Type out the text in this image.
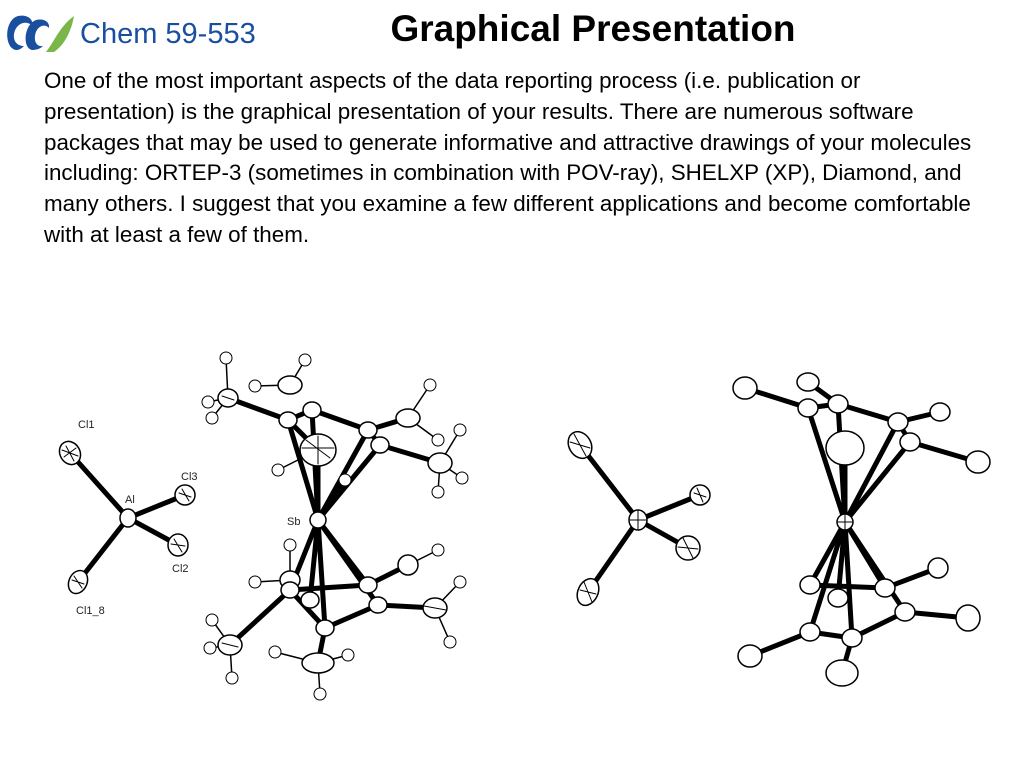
Chem 59-553	Graphical Presentation
One of the most important aspects of the data reporting process (i.e. publication or presentation) is the graphical presentation of your results. There are numerous software packages that may be used to generate informative and attractive drawings of your molecules including: ORTEP-3 (sometimes in combination with POV-ray), SHELXP (XP), Diamond, and many others. I suggest that you examine a few different applications and become comfortable with at least a few of them.
Cl1
Cl3
Al
Cl2
Cl1_8
Sb
